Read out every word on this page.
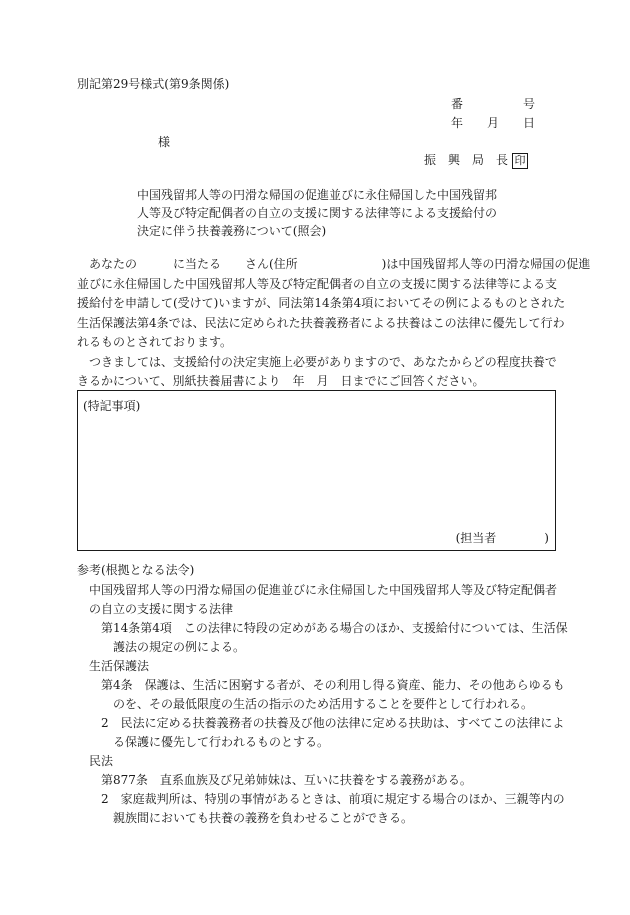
別記第29号様式(第9条関係)
番	号
年 月 日
様
振　興　局　長 印
中国残留邦人等の円滑な帰国の促進並びに永住帰国した中国残留邦
人等及び特定配偶者の自立の支援に関する法律等による支援給付の
決定に伴う扶養義務について(照会)
あなたの　　　に当たる　　さん(住所　　　　　　　)は中国残留邦人等の円滑な帰国の促進
並びに永住帰国した中国残留邦人等及び特定配偶者の自立の支援に関する法律等による支
援給付を申請して(受けて)いますが、同法第14条第4項においてその例によるものとされた
生活保護法第4条では、民法に定められた扶養義務者による扶養はこの法律に優先して行わ
れるものとされております。
つきましては、支援給付の決定実施上必要がありますので、あなたからどの程度扶養で
きるかについて、別紙扶養届書により　年　月　日までにご回答ください。
(特記事項)
(担当者　　　　)
参考(根拠となる法令)
中国残留邦人等の円滑な帰国の促進並びに永住帰国した中国残留邦人等及び特定配偶者
の自立の支援に関する法律
第14条第4項　この法律に特段の定めがある場合のほか、支援給付については、生活保
護法の規定の例による。
生活保護法
第4条　保護は、生活に困窮する者が、その利用し得る資産、能力、その他あらゆるも
のを、その最低限度の生活の指示のため活用することを要件として行われる。
2　民法に定める扶養義務者の扶養及び他の法律に定める扶助は、すべてこの法律によ
る保護に優先して行われるものとする。
民法
第877条　直系血族及び兄弟姉妹は、互いに扶養をする義務がある。
2　家庭裁判所は、特別の事情があるときは、前項に規定する場合のほか、三親等内の
親族間においても扶養の義務を負わせることができる。
